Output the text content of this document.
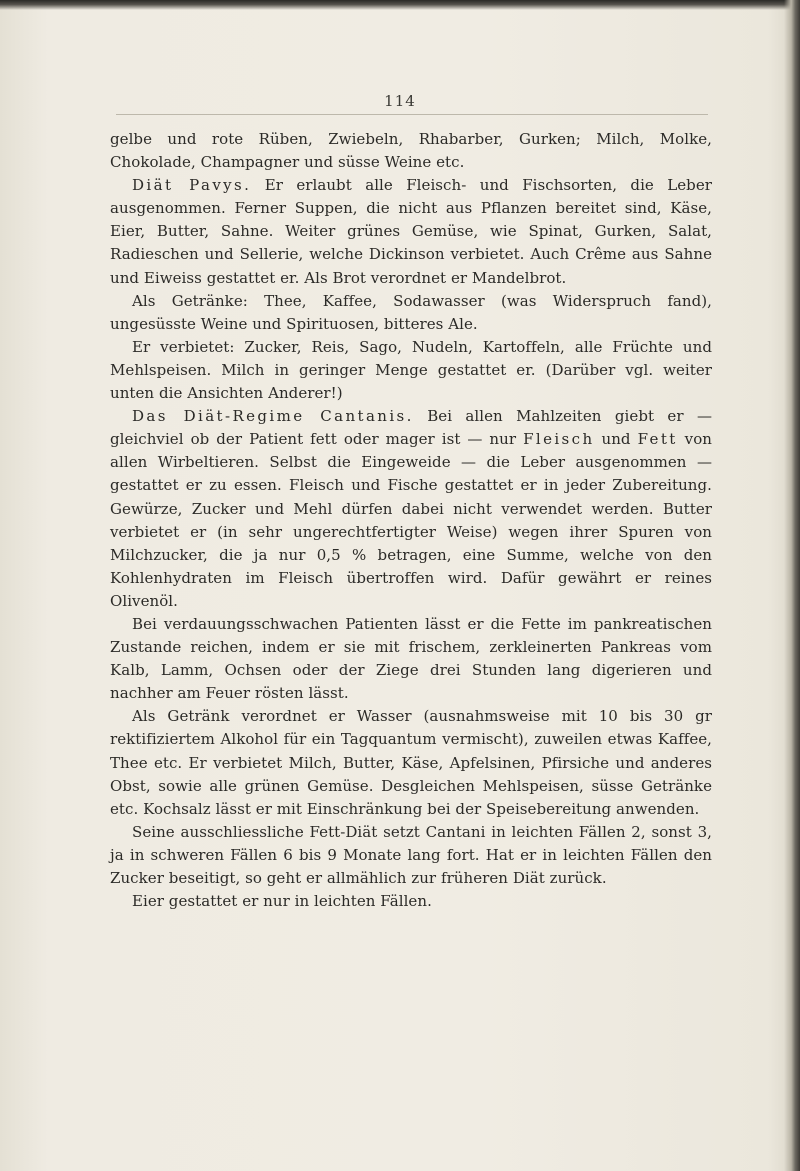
114

gelbe und rote Rüben, Zwiebeln, Rhabarber, Gurken; Milch, Molke, Chokolade, Champagner und süsse Weine etc.

Diät Pavys. Er erlaubt alle Fleisch- und Fischsorten, die Leber ausgenommen. Ferner Suppen, die nicht aus Pflanzen bereitet sind, Käse, Eier, Butter, Sahne. Weiter grünes Gemüse, wie Spinat, Gurken, Salat, Radieschen und Sellerie, welche Dickinson verbietet. Auch Crême aus Sahne und Eiweiss gestattet er. Als Brot verordnet er Mandelbrot.

Als Getränke: Thee, Kaffee, Sodawasser (was Widerspruch fand), ungesüsste Weine und Spirituosen, bitteres Ale.

Er verbietet: Zucker, Reis, Sago, Nudeln, Kartoffeln, alle Früchte und Mehlspeisen. Milch in geringer Menge gestattet er. (Darüber vgl. weiter unten die Ansichten Anderer!)

Das Diät-Regime Cantanis. Bei allen Mahlzeiten giebt er — gleichviel ob der Patient fett oder mager ist — nur Fleisch und Fett von allen Wirbeltieren. Selbst die Eingeweide — die Leber ausgenommen — gestattet er zu essen. Fleisch und Fische gestattet er in jeder Zubereitung. Gewürze, Zucker und Mehl dürfen dabei nicht verwendet werden. Butter verbietet er (in sehr ungerechtfertigter Weise) wegen ihrer Spuren von Milchzucker, die ja nur 0,5 % betragen, eine Summe, welche von den Kohlenhydraten im Fleisch übertroffen wird. Dafür gewährt er reines Olivenöl.

Bei verdauungsschwachen Patienten lässt er die Fette im pankreatischen Zustande reichen, indem er sie mit frischem, zerkleinerten Pankreas vom Kalb, Lamm, Ochsen oder der Ziege drei Stunden lang digerieren und nachher am Feuer rösten lässt.

Als Getränk verordnet er Wasser (ausnahmsweise mit 10 bis 30 gr rektifiziertem Alkohol für ein Tagquantum vermischt), zuweilen etwas Kaffee, Thee etc. Er verbietet Milch, Butter, Käse, Apfelsinen, Pfirsiche und anderes Obst, sowie alle grünen Gemüse. Desgleichen Mehlspeisen, süsse Getränke etc. Kochsalz lässt er mit Einschränkung bei der Speisebereitung anwenden.

Seine ausschliessliche Fett-Diät setzt Cantani in leichten Fällen 2, sonst 3, ja in schweren Fällen 6 bis 9 Monate lang fort. Hat er in leichten Fällen den Zucker beseitigt, so geht er allmählich zur früheren Diät zurück.

Eier gestattet er nur in leichten Fällen.
